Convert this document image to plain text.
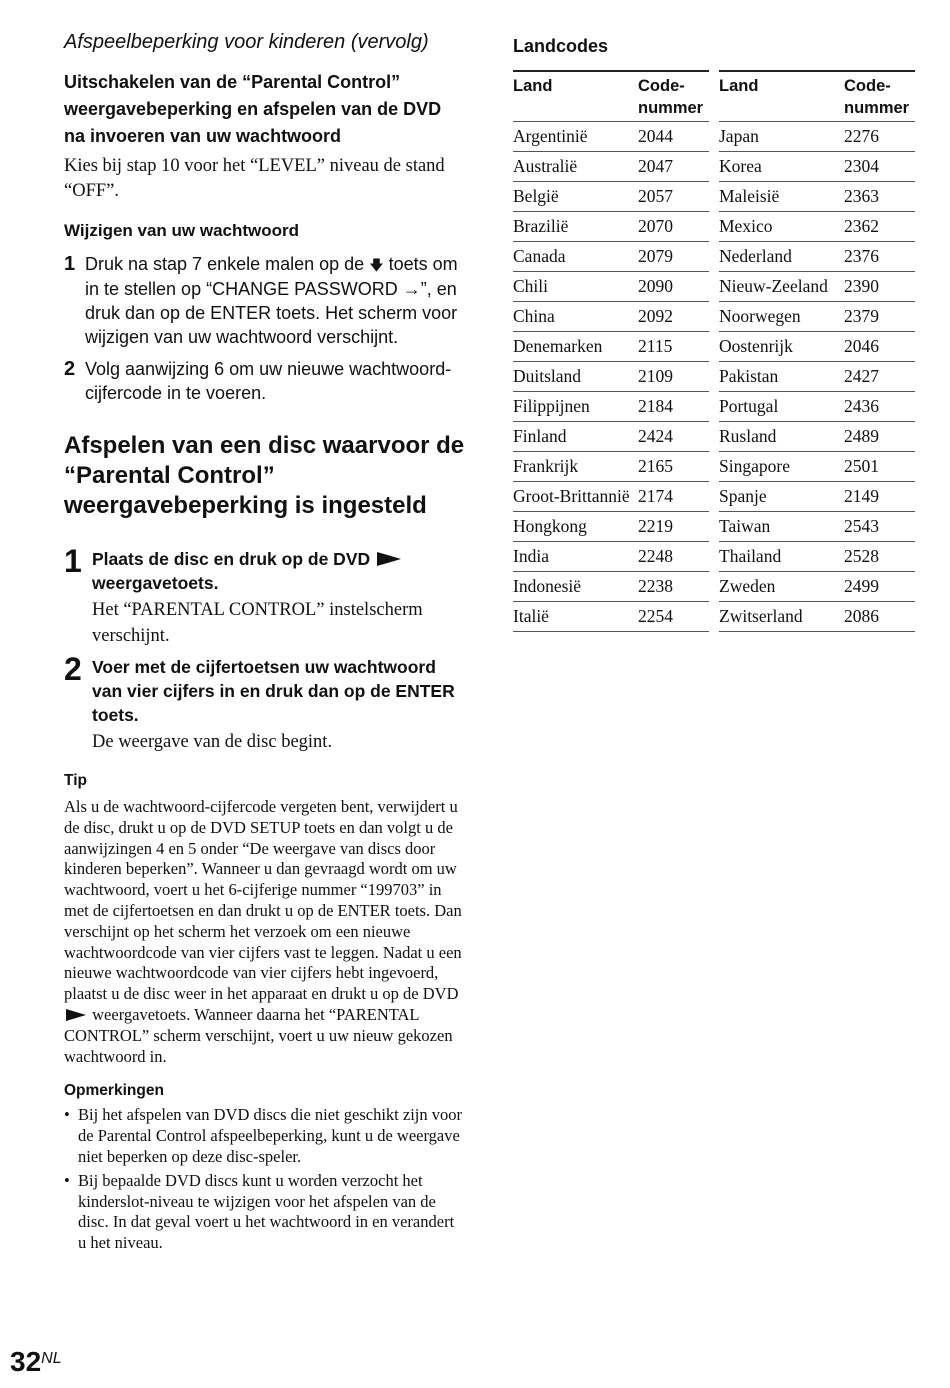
Afspeelbeperking voor kinderen (vervolg)
Uitschakelen van de “Parental Control” weergavebeperking en afspelen van de DVD na invoeren van uw wachtwoord

Kies bij stap 10 voor het “LEVEL” niveau de stand “OFF”.

Wijzigen van uw wachtwoord
1 Druk na stap 7 enkele malen op de 🡇 toets om in te stellen op “CHANGE PASSWORD →”, en druk dan op de ENTER toets. Het scherm voor wijzigen van uw wachtwoord verschijnt.
2 Volg aanwijzing 6 om uw nieuwe wachtwoord-cijfercode in te voeren.
Afspelen van een disc waarvoor de “Parental Control” weergavebeperking is ingesteld
1 Plaats de disc en druk op de DVD  weergavetoets.
Het “PARENTAL CONTROL” instelscherm verschijnt.
2 Voer met de cijfertoetsen uw wachtwoord van vier cijfers in en druk dan op de ENTER toets.
De weergave van de disc begint.
Tip

Als u de wachtwoord-cijfercode vergeten bent, verwijdert u de disc, drukt u op de DVD SETUP toets en dan volgt u de aanwijzingen 4 en 5 onder “De weergave van discs door kinderen beperken”. Wanneer u dan gevraagd wordt om uw wachtwoord, voert u het 6-cijferige nummer “199703” in met de cijfertoetsen en dan drukt u op de ENTER toets. Dan verschijnt op het scherm het verzoek om een nieuwe wachtwoordcode van vier cijfers vast te leggen. Nadat u een nieuwe wachtwoordcode van vier cijfers hebt ingevoerd, plaatst u de disc weer in het apparaat en drukt u op de DVD  weergavetoets. Wanneer daarna het “PARENTAL CONTROL” scherm verschijnt, voert u uw nieuw gekozen wachtwoord in.

Opmerkingen
• Bij het afspelen van DVD discs die niet geschikt zijn voor de Parental Control afspeelbeperking, kunt u de weergave niet beperken op deze disc-speler.
• Bij bepaalde DVD discs kunt u worden verzocht het kinderslot-niveau te wijzigen voor het afspelen van de disc. In dat geval voert u het wachtwoord in en verandert u het niveau.
Landcodes
Land	Code-
nummer
Argentinië	2044
Australië	2047
België	2057
Brazilië	2070
Canada	2079
Chili	2090
China	2092
Denemarken	2115
Duitsland	2109
Filippijnen	2184
Finland	2424
Frankrijk	2165
Groot-Brittannië	2174
Hongkong	2219
India	2248
Indonesië	2238
Italië	2254
Land	Code-
nummer
Japan	2276
Korea	2304
Maleisië	2363
Mexico	2362
Nederland	2376
Nieuw-Zeeland	2390
Noorwegen	2379
Oostenrijk	2046
Pakistan	2427
Portugal	2436
Rusland	2489
Singapore	2501
Spanje	2149
Taiwan	2543
Thailand	2528
Zweden	2499
Zwitserland	2086
32NL
